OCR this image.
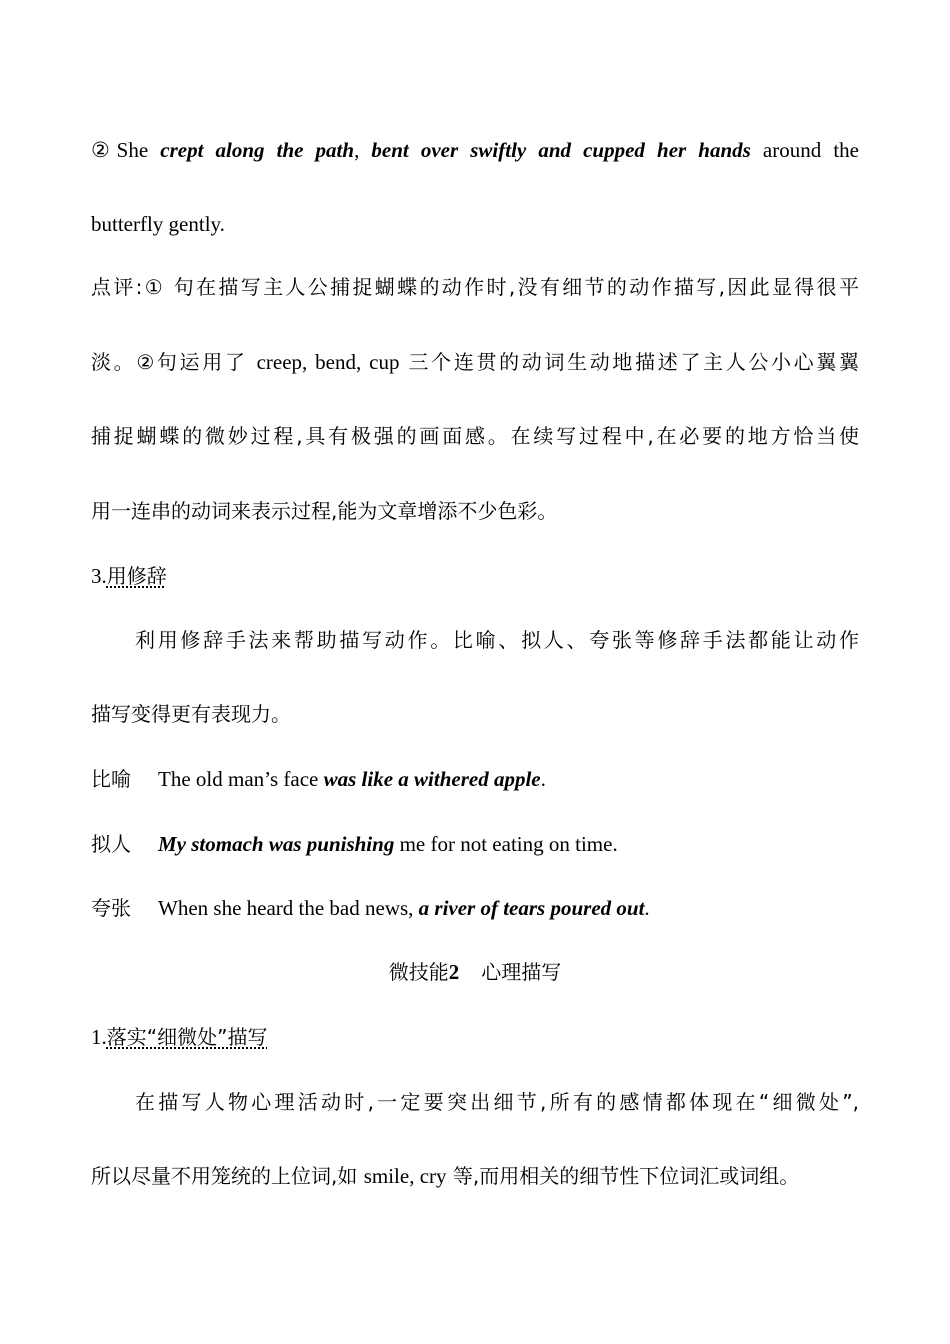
②She crept along the path, bent over swiftly and cupped her hands around the
butterfly gently.
点评:① 句在描写主人公捕捉蝴蝶的动作时,没有细节的动作描写,因此显得很平
淡。②句运用了 creep, bend, cup 三个连贯的动词生动地描述了主人公小心翼翼
捕捉蝴蝶的微妙过程,具有极强的画面感。在续写过程中,在必要的地方恰当使
用一连串的动词来表示过程,能为文章增添不少色彩。
3.用修辞
利用修辞手法来帮助描写动作。比喻、拟人、夸张等修辞手法都能让动作
描写变得更有表现力。
比喻 The old man’s face was like a withered apple.
拟人 My stomach was punishing me for not eating on time.
夸张 When she heard the bad news, a river of tears poured out.
微技能2 心理描写
1.落实“细微处”描写
在描写人物心理活动时,一定要突出细节,所有的感情都体现在“细微处”,
所以尽量不用笼统的上位词,如 smile, cry 等,而用相关的细节性下位词汇或词组。
